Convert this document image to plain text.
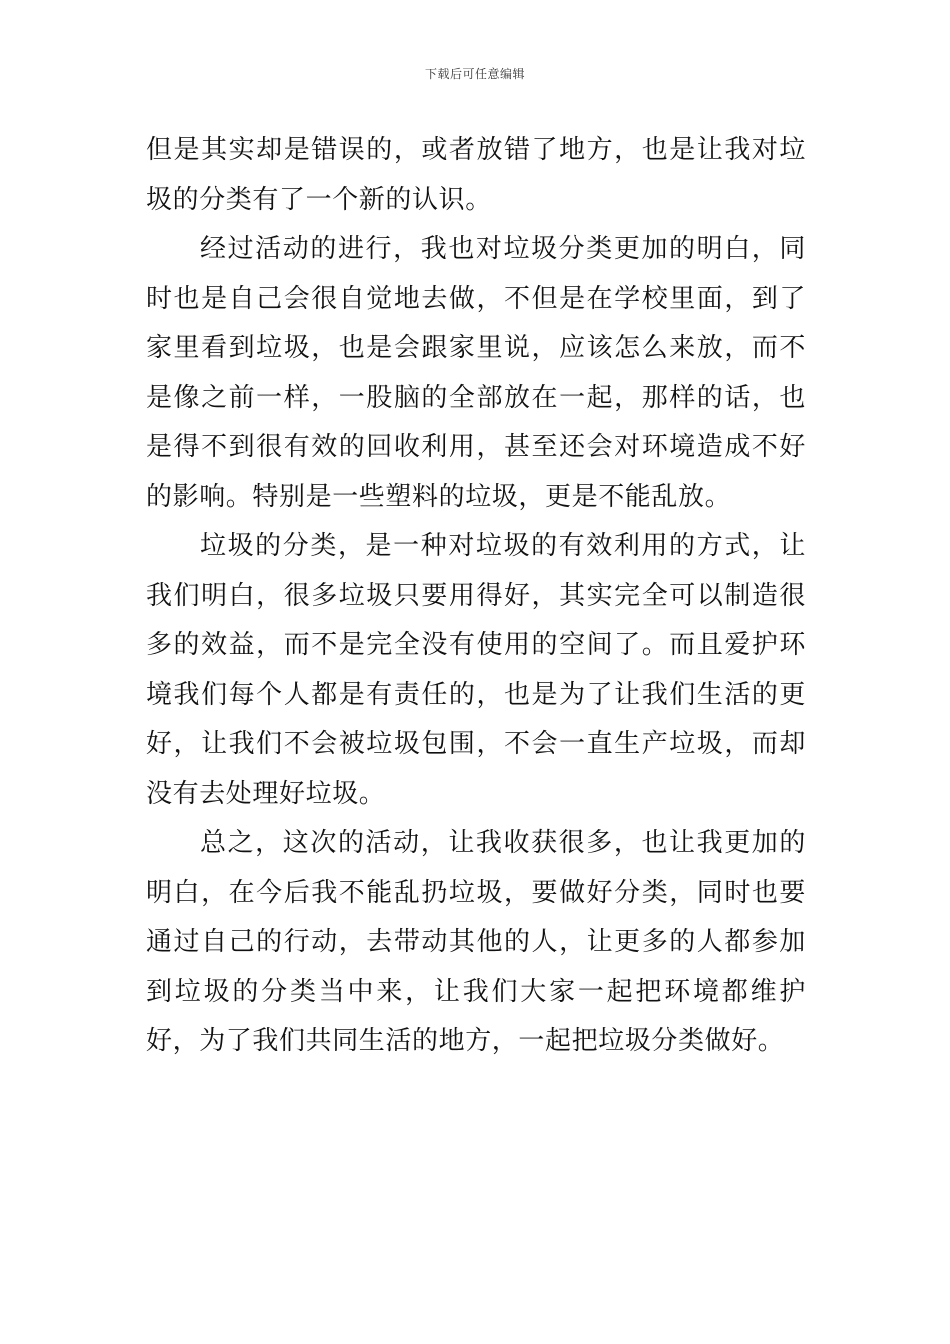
下载后可任意编辑

但是其实却是错误的，或者放错了地方，也是让我对垃圾的分类有了一个新的认识。

经过活动的进行，我也对垃圾分类更加的明白，同时也是自己会很自觉地去做，不但是在学校里面，到了家里看到垃圾，也是会跟家里说，应该怎么来放，而不是像之前一样，一股脑的全部放在一起，那样的话，也是得不到很有效的回收利用，甚至还会对环境造成不好的影响。特别是一些塑料的垃圾，更是不能乱放。

垃圾的分类，是一种对垃圾的有效利用的方式，让我们明白，很多垃圾只要用得好，其实完全可以制造很多的效益，而不是完全没有使用的空间了。而且爱护环境我们每个人都是有责任的，也是为了让我们生活的更好，让我们不会被垃圾包围，不会一直生产垃圾，而却没有去处理好垃圾。

总之，这次的活动，让我收获很多，也让我更加的明白，在今后我不能乱扔垃圾，要做好分类，同时也要通过自己的行动，去带动其他的人，让更多的人都参加到垃圾的分类当中来，让我们大家一起把环境都维护好，为了我们共同生活的地方，一起把垃圾分类做好。
